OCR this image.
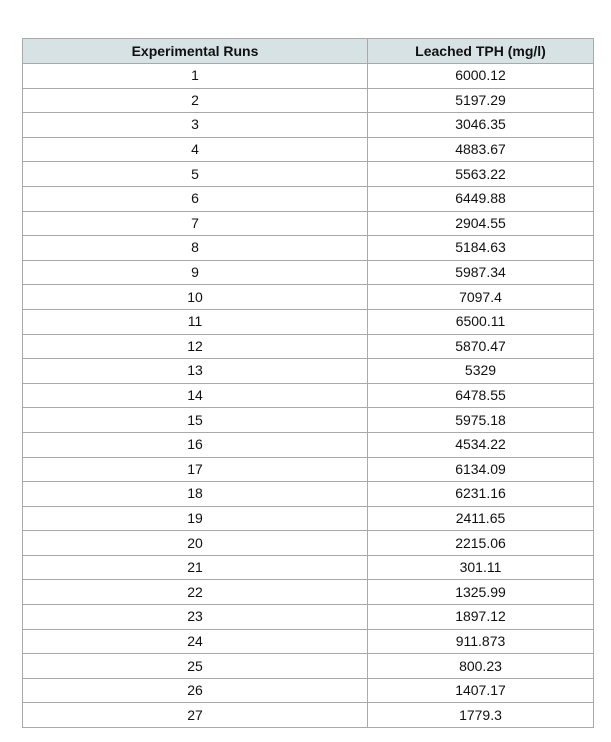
Experimental Runs	Leached TPH (mg/l)
1	6000.12
2	5197.29
3	3046.35
4	4883.67
5	5563.22
6	6449.88
7	2904.55
8	5184.63
9	5987.34
10	7097.4
11	6500.11
12	5870.47
13	5329
14	6478.55
15	5975.18
16	4534.22
17	6134.09
18	6231.16
19	2411.65
20	2215.06
21	301.11
22	1325.99
23	1897.12
24	911.873
25	800.23
26	1407.17
27	1779.3
